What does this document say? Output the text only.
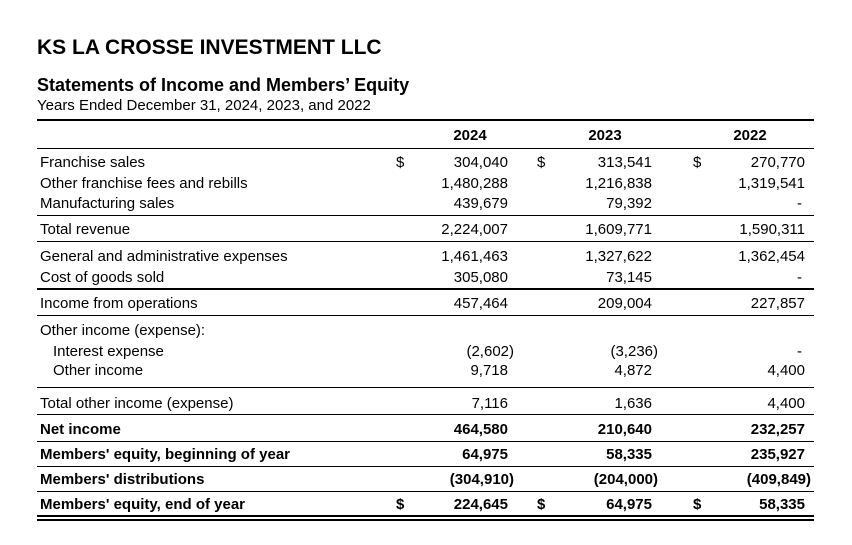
KS LA CROSSE INVESTMENT LLC
Statements of Income and Members’ Equity
Years Ended December 31, 2024, 2023, and 2022
2024	2023	2022
Franchise sales	$	304,040 $	313,541	$	270,770
Other franchise fees and rebills	1,480,288	1,216,838	1,319,541
Manufacturing sales	439,679	79,392	-
Total revenue	2,224,007	1,609,771	1,590,311
General and administrative expenses	1,461,463	1,327,622	1,362,454
Cost of goods sold	305,080	73,145	-
Income from operations	457,464	209,004	227,857
Other income (expense):
Interest expense	(2,602)	(3,236)	-
Other income	9,718	4,872	4,400
Total other income (expense)	7,116	1,636	4,400
Net income	464,580	210,640	232,257
Members' equity, beginning of year	64,975	58,335	235,927
Members' distributions	(304,910)	(204,000)	(409,849)
Members' equity, end of year	$	224,645 $	64,975	$	58,335
